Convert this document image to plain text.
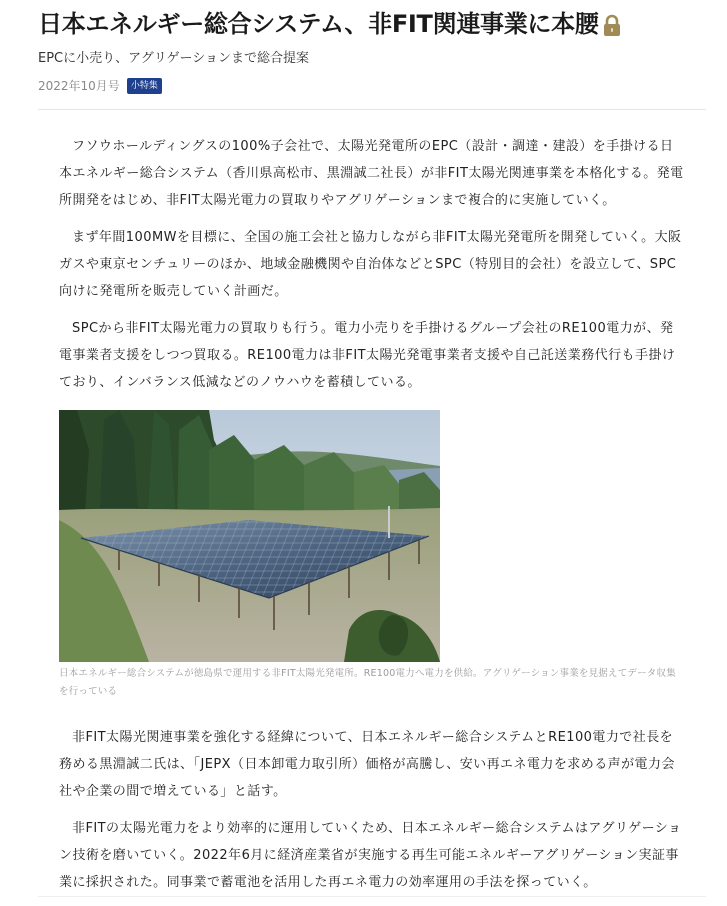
日本エネルギー総合システム、非FIT関連事業に本腰
EPCに小売り、アグリゲーションまで総合提案
2022年10月号	小特集

フソウホールディングスの100%子会社で、太陽光発電所のEPC（設計・調達・建設）を手掛ける日本エネルギー総合システム（香川県高松市、黒淵誠二社長）が非FIT太陽光関連事業を本格化する。発電所開発をはじめ、非FIT太陽光電力の買取りやアグリゲーションまで複合的に実施していく。

まず年間100MWを目標に、全国の施工会社と協力しながら非FIT太陽光発電所を開発していく。大阪ガスや東京センチュリーのほか、地域金融機関や自治体などとSPC（特別目的会社）を設立して、SPC向けに発電所を販売していく計画だ。

SPCから非FIT太陽光電力の買取りも行う。電力小売りを手掛けるグループ会社のRE100電力が、発電事業者支援をしつつ買取る。RE100電力は非FIT太陽光発電事業者支援や自己託送業務代行も手掛けており、インバランス低減などのノウハウを蓄積している。

日本エネルギー総合システムが徳島県で運用する非FIT太陽光発電所。RE100電力へ電力を供給。アグリゲーション事業を見据えてデータ収集を行っている

非FIT太陽光関連事業を強化する経緯について、日本エネルギー総合システムとRE100電力で社長を務める黒淵誠二氏は、「JEPX（日本卸電力取引所）価格が高騰し、安い再エネ電力を求める声が電力会社や企業の間で増えている」と話す。

非FITの太陽光電力をより効率的に運用していくため、日本エネルギー総合システムはアグリゲーション技術を磨いていく。2022年6月に経済産業省が実施する再生可能エネルギーアグリゲーション実証事業に採択された。同事業で蓄電池を活用した再エネ電力の効率運用の手法を探っていく。
